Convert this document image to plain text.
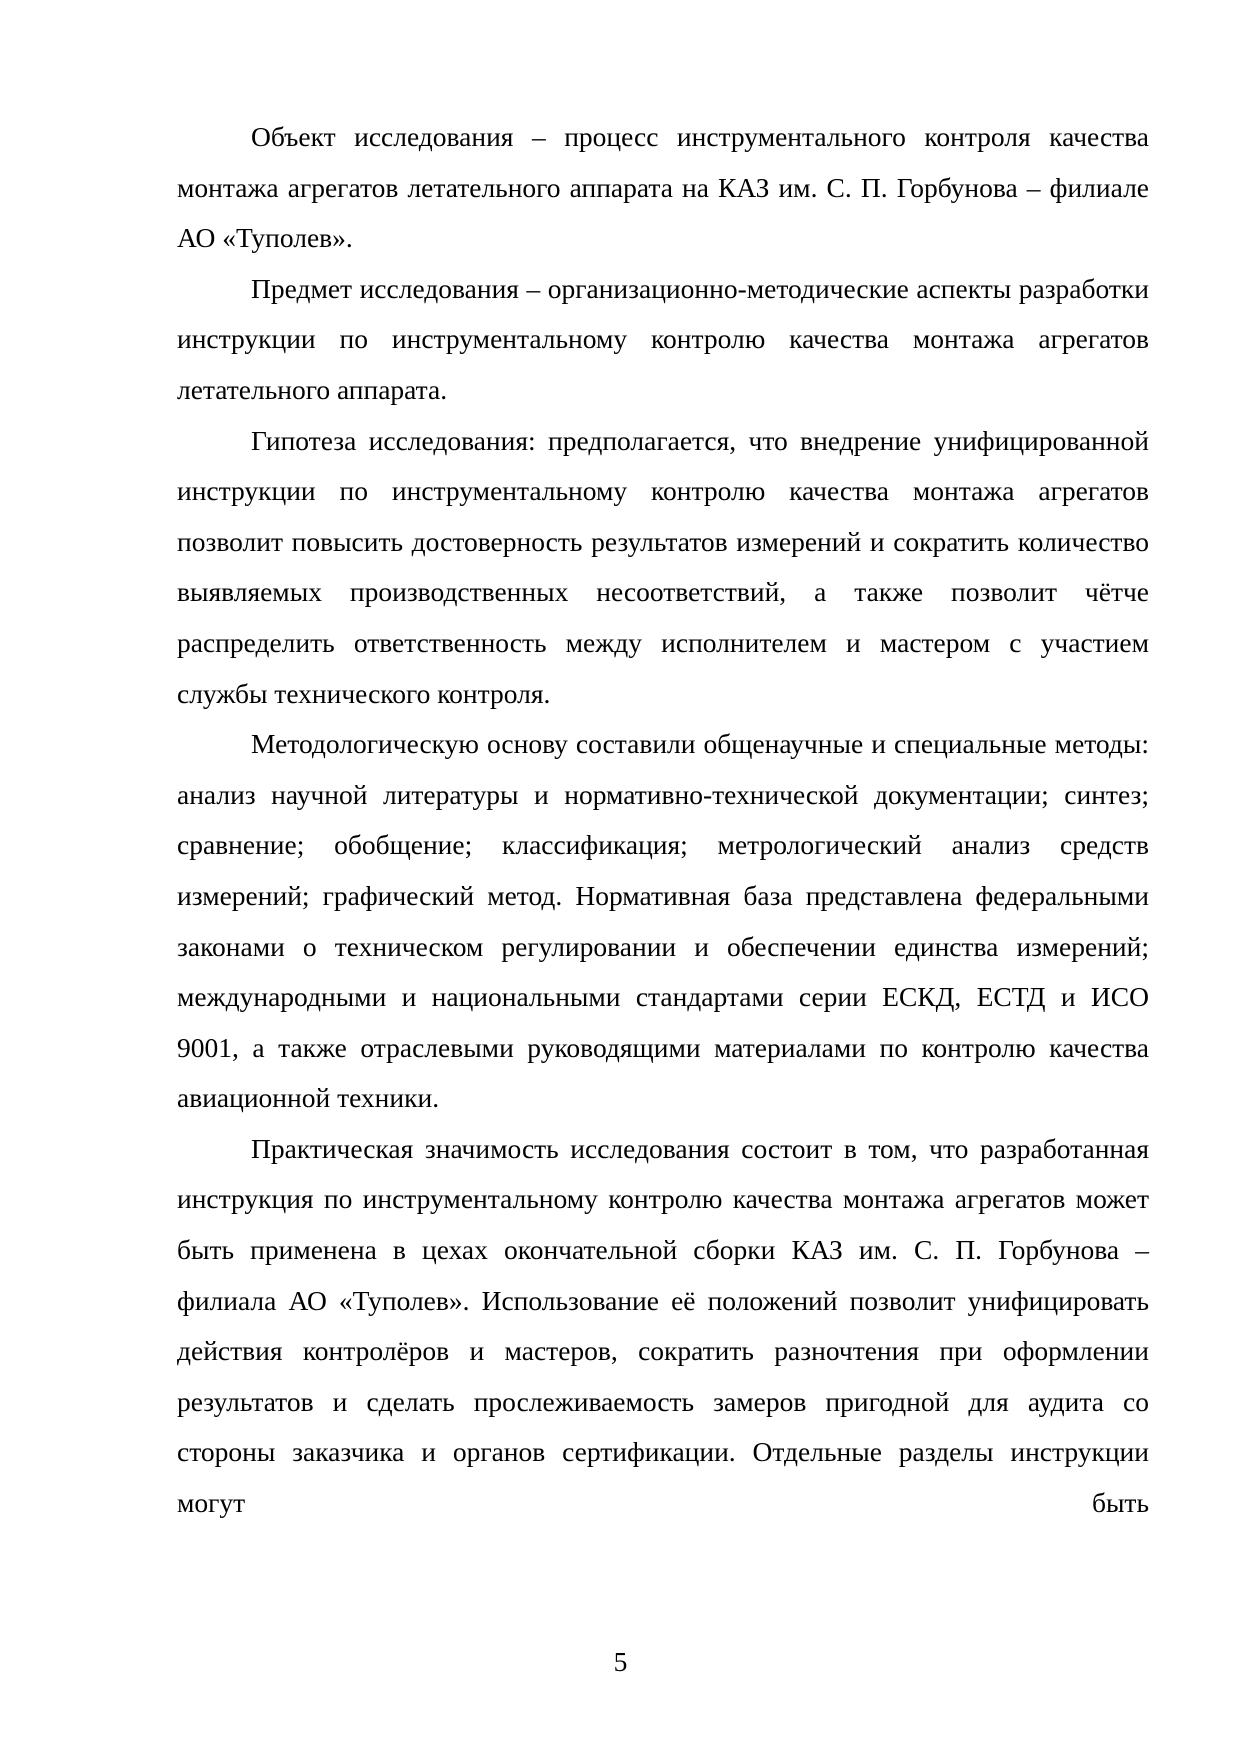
Объект исследования – процесс инструментального контроля качества монтажа агрегатов летательного аппарата на КАЗ им. С. П. Горбунова – филиале АО «Туполев».

Предмет исследования – организационно-методические аспекты разработки инструкции по инструментальному контролю качества монтажа агрегатов летательного аппарата.

Гипотеза исследования: предполагается, что внедрение унифицированной инструкции по инструментальному контролю качества монтажа агрегатов позволит повысить достоверность результатов измерений и сократить количество выявляемых производственных несоответствий, а также позволит чётче распределить ответственность между исполнителем и мастером с участием службы технического контроля.

Методологическую основу составили общенаучные и специальные методы: анализ научной литературы и нормативно-технической документации; синтез; сравнение; обобщение; классификация; метрологический анализ средств измерений; графический метод. Нормативная база представлена федеральными законами о техническом регулировании и обеспечении единства измерений; международными и национальными стандартами серии ЕСКД, ЕСТД и ИСО 9001, а также отраслевыми руководящими материалами по контролю качества авиационной техники.

Практическая значимость исследования состоит в том, что разработанная инструкция по инструментальному контролю качества монтажа агрегатов может быть применена в цехах окончательной сборки КАЗ им. С. П. Горбунова – филиала АО «Туполев». Использование её положений позволит унифицировать действия контролёров и мастеров, сократить разночтения при оформлении результатов и сделать прослеживаемость замеров пригодной для аудита со стороны заказчика и органов сертификации. Отдельные разделы инструкции могут быть

5
